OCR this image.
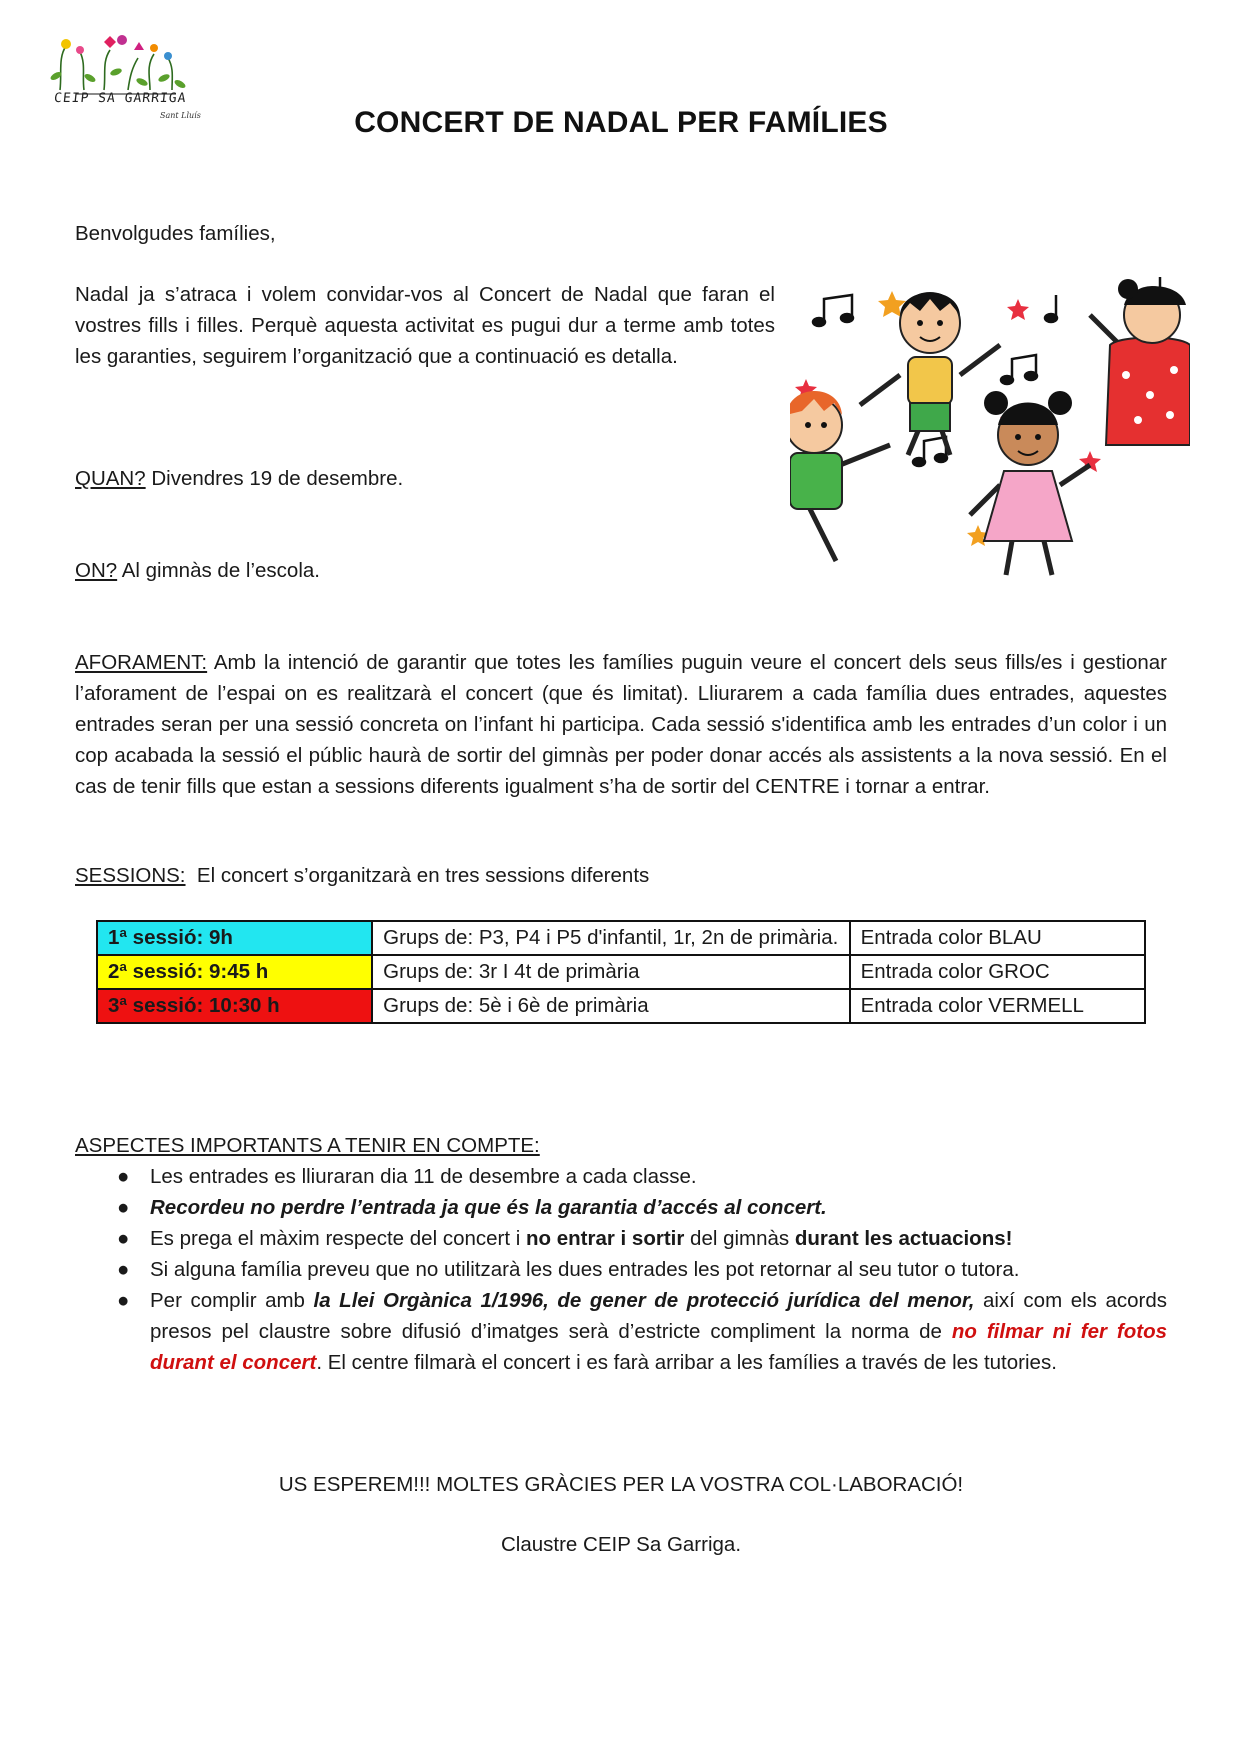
CEIP SA GARRIGA
Sant Lluís	CONCERT DE NADAL PER FAMÍLIES
Benvolgudes famílies,
Nadal ja s’atraca i volem convidar-vos al Concert de Nadal que faran el vostres fills i filles. Perquè aquesta activitat es pugui dur a terme amb totes les garanties, seguirem l’organització que a continuació es detalla.
QUAN? Divendres 19 de desembre.
ON? Al gimnàs de l’escola.
AFORAMENT: Amb la intenció de garantir que totes les famílies puguin veure el concert dels seus fills/es i gestionar l’aforament de l’espai on es realitzarà el concert (que és limitat). Lliurarem a cada família dues entrades, aquestes entrades seran per una sessió concreta on l’infant hi participa. Cada sessió s'identifica amb les entrades d’un color i un cop acabada la sessió el públic haurà de sortir del gimnàs per poder donar accés als assistents a la nova sessió. En el cas de tenir fills que estan a sessions diferents igualment s’ha de sortir del CENTRE i tornar a entrar.
SESSIONS:  El concert s’organitzarà en tres sessions diferents
1ª sessió: 9h	Grups de: P3, P4 i P5 d'infantil, 1r, 2n de primària.	Entrada color BLAU
2ª sessió: 9:45 h	Grups de: 3r I 4t de primària	Entrada color GROC
3ª sessió: 10:30 h	Grups de: 5è i 6è de primària	Entrada color VERMELL
ASPECTES IMPORTANTS A TENIR EN COMPTE:
● Les entrades es lliuraran dia 11 de desembre a cada classe.
● Recordeu no perdre l’entrada ja que és la garantia d’accés al concert.
● Es prega el màxim respecte del concert i no entrar i sortir del gimnàs durant les actuacions!
● Si alguna família preveu que no utilitzarà les dues entrades les pot retornar al seu tutor o tutora.
● Per complir amb la Llei Orgànica 1/1996, de gener de protecció jurídica del menor, així com els acords presos pel claustre sobre difusió d’imatges serà d’estricte compliment la norma de no filmar ni fer fotos durant el concert. El centre filmarà el concert i es farà arribar a les famílies a través de les tutories.
US ESPEREM!!! MOLTES GRÀCIES PER LA VOSTRA COL·LABORACIÓ!
Claustre CEIP Sa Garriga.
